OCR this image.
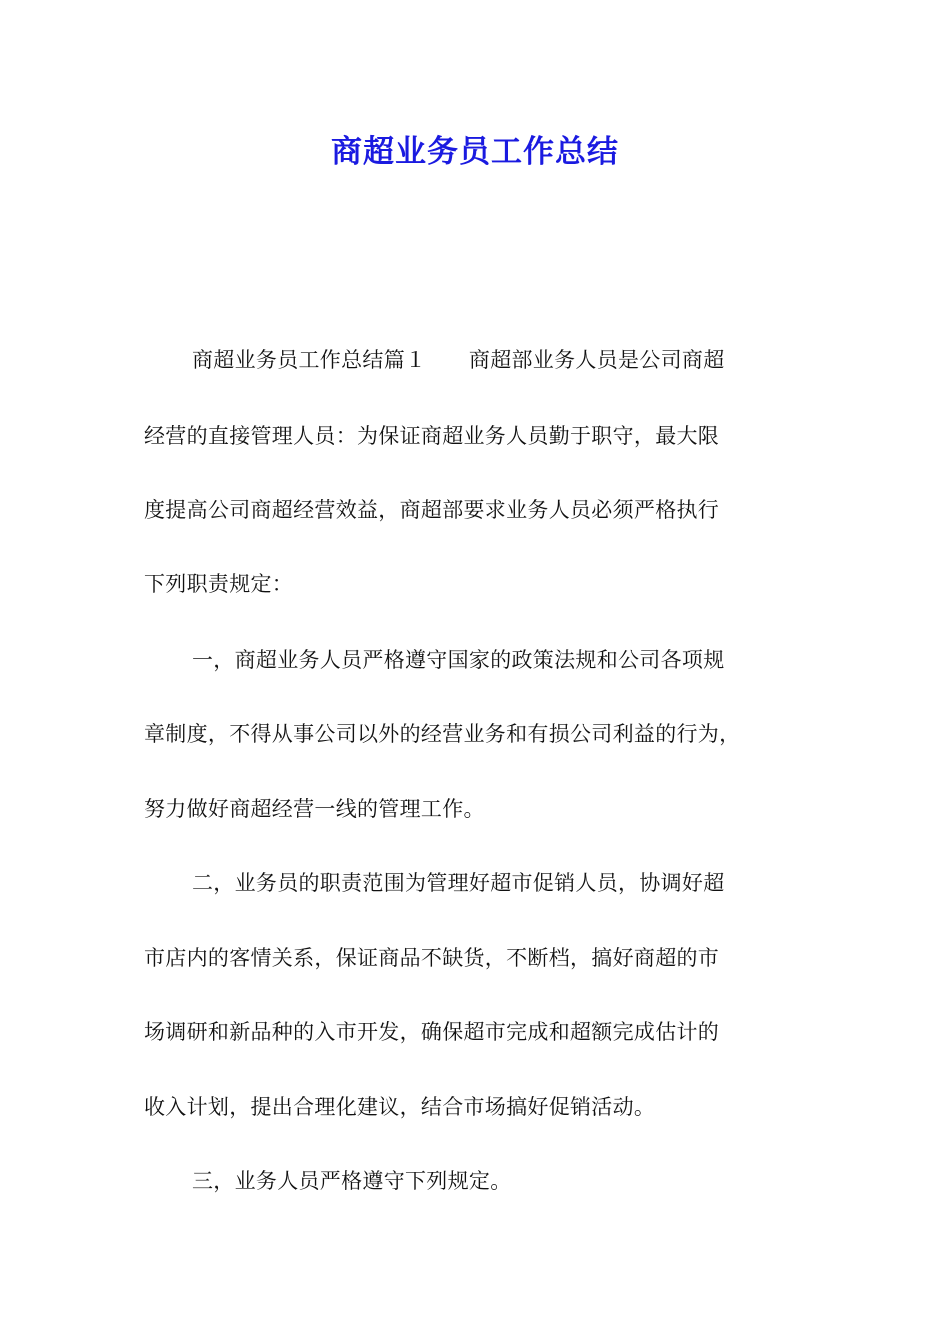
商超业务员工作总结
商超业务员工作总结篇１　　商超部业务人员是公司商超
经营的直接管理人员：为保证商超业务人员勤于职守，最大限
度提高公司商超经营效益，商超部要求业务人员必须严格执行
下列职责规定：
一，商超业务人员严格遵守国家的政策法规和公司各项规
章制度，不得从事公司以外的经营业务和有损公司利益的行为，
努力做好商超经营一线的管理工作。
二，业务员的职责范围为管理好超市促销人员，协调好超
市店内的客情关系，保证商品不缺货，不断档，搞好商超的市
场调研和新品种的入市开发，确保超市完成和超额完成估计的
收入计划，提出合理化建议，结合市场搞好促销活动。
三，业务人员严格遵守下列规定。
